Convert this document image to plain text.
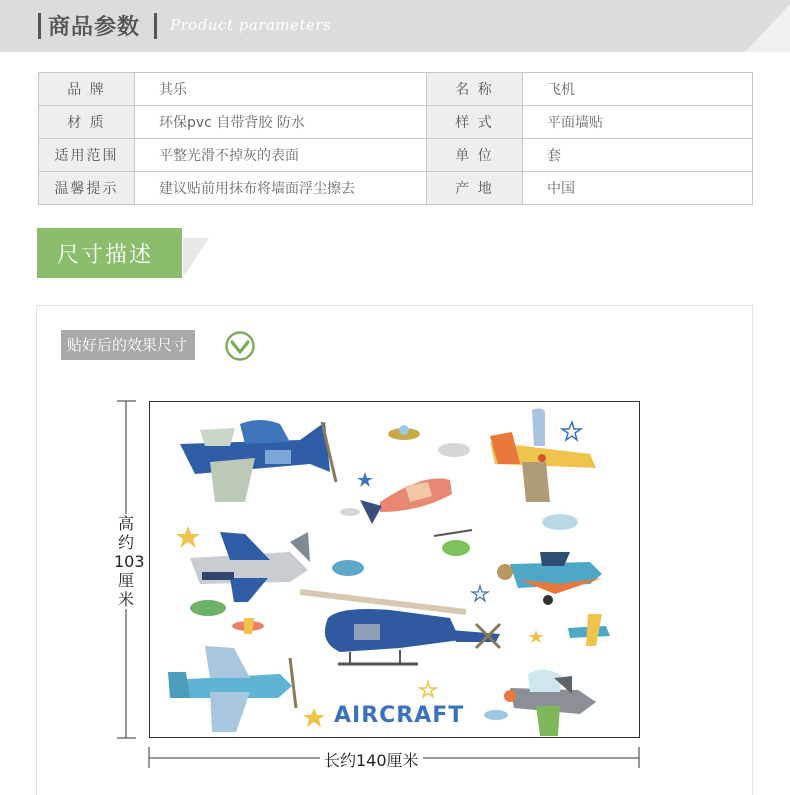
商品参数 Product parameters
品 牌	其乐	名 称	飞机
材 质	环保pvc 自带背胶 防水	样 式	平面墙贴
适用范围	平整光滑不掉灰的表面	单 位	套
温馨提示	建议贴前用抹布将墙面浮尘擦去	产 地	中国
尺寸描述
贴好后的效果尺寸
高约103厘米
长约140厘米
AIRCRAFT
